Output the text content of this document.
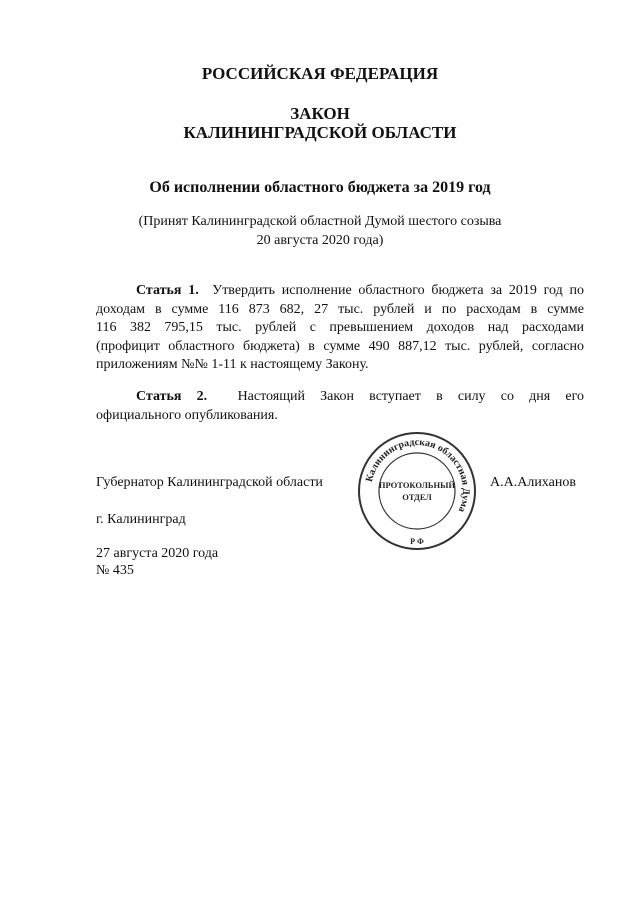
РОССИЙСКАЯ ФЕДЕРАЦИЯ
ЗАКОН
КАЛИНИНГРАДСКОЙ ОБЛАСТИ
Об исполнении областного бюджета за 2019 год
(Принят Калининградской областной Думой шестого созыва
20 августа 2020 года)
Статья 1. Утвердить исполнение областного бюджета за 2019 год по
доходам в сумме 116 873 682, 27 тыс. рублей и по расходам в сумме
116 382 795,15 тыс. рублей с превышением доходов над расходами
(профицит областного бюджета) в сумме 490 887,12 тыс. рублей, согласно
приложениям №№ 1-11 к настоящему Закону.
Статья 2. Настоящий Закон вступает в силу со дня его
официального опубликования.
Губернатор Калининградской области	А.А.Алиханов
г. Калининград
27 августа 2020 года
№ 435
Калининградская областная Дума
ПРОТОКОЛЬНЫЙ
ОТДЕЛ
Р Ф
